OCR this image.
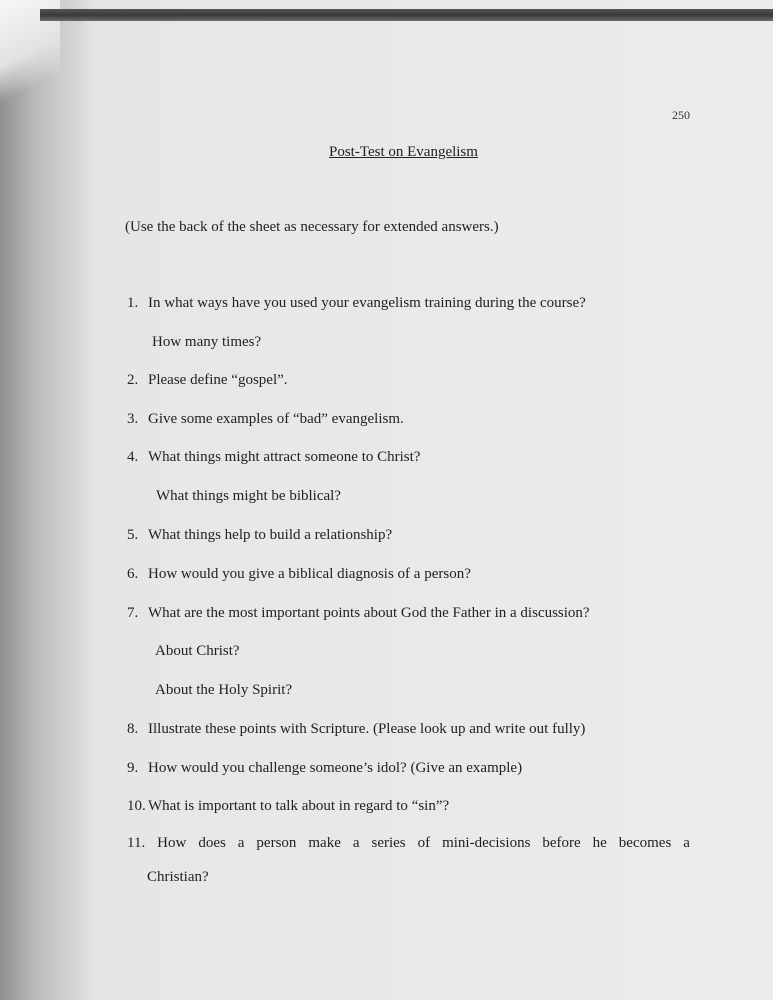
250
Post-Test on Evangelism
(Use the back of the sheet as necessary for extended answers.)
1. In what ways have you used your evangelism training during the course?
How many times?
2. Please define “gospel”.
3. Give some examples of “bad” evangelism.
4. What things might attract someone to Christ?
What things might be biblical?
5. What things help to build a relationship?
6. How would you give a biblical diagnosis of a person?
7. What are the most important points about God the Father in a discussion?
About Christ?
About the Holy Spirit?
8. Illustrate these points with Scripture. (Please look up and write out fully)
9. How would you challenge someone’s idol? (Give an example)
10. What is important to talk about in regard to “sin”?
11. How does a person make a series of mini-decisions before he becomes a
Christian?
